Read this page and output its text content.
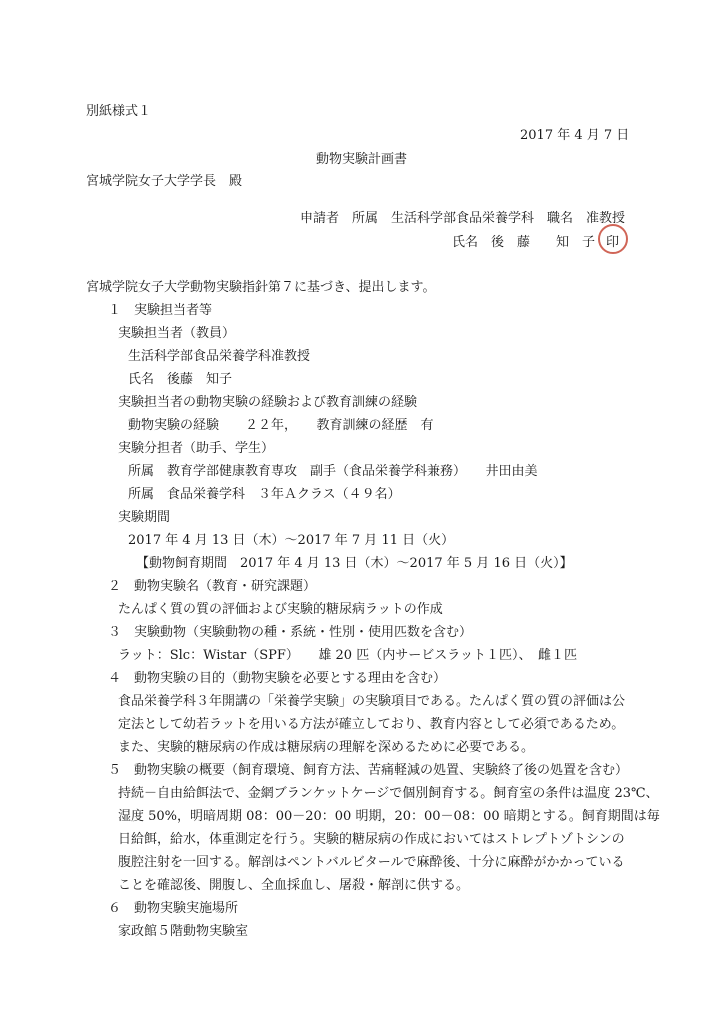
別紙様式１
2017 年 4 月 7 日
動物実験計画書
宮城学院女子大学学長　殿
申請者　所属　生活科学部食品栄養学科　職名　准教授
氏名　後　藤　　知　子 印
宮城学院女子大学動物実験指針第７に基づき、提出します。
１　実験担当者等
実験担当者（教員）
生活科学部食品栄養学科准教授
氏名　後藤　知子
実験担当者の動物実験の経験および教育訓練の経験
動物実験の経験　　２２年，　　教育訓練の経歴　有
実験分担者（助手、学生）
所属　教育学部健康教育専攻　副手（食品栄養学科兼務）　　井田由美
所属　食品栄養学科　３年Ａクラス（４９名）
実験期間
2017 年 4 月 13 日（木）～2017 年 7 月 11 日（火）
【動物飼育期間　2017 年 4 月 13 日（木）～2017 年 5 月 16 日（火）】
２　動物実験名（教育・研究課題）
たんぱく質の質の評価および実験的糖尿病ラットの作成
３　実験動物（実験動物の種・系統・性別・使用匹数を含む）
ラット：Slc：Wistar（SPF）　　雄 20 匹（内サービスラット１匹）、　雌１匹
４　動物実験の目的（動物実験を必要とする理由を含む）
食品栄養学科３年開講の「栄養学実験」の実験項目である。たんぱく質の質の評価は公
定法として幼若ラットを用いる方法が確立しており、教育内容として必須であるため。
また、実験的糖尿病の作成は糖尿病の理解を深めるために必要である。
５　動物実験の概要（飼育環境、飼育方法、苦痛軽減の処置、実験終了後の処置を含む）
持続－自由給餌法で、金網ブランケットケージで個別飼育する。飼育室の条件は温度 23℃、
湿度 50%，明暗周期 08：00－20：00 明期，20：00－08：00 暗期とする。飼育期間は毎
日給餌，給水，体重測定を行う。実験的糖尿病の作成においてはストレプトゾトシンの
腹腔注射を一回する。解剖はペントバルビタールで麻酔後、十分に麻酔がかかっている
ことを確認後、開腹し、全血採血し、屠殺・解剖に供する。
６　動物実験実施場所
家政館５階動物実験室
